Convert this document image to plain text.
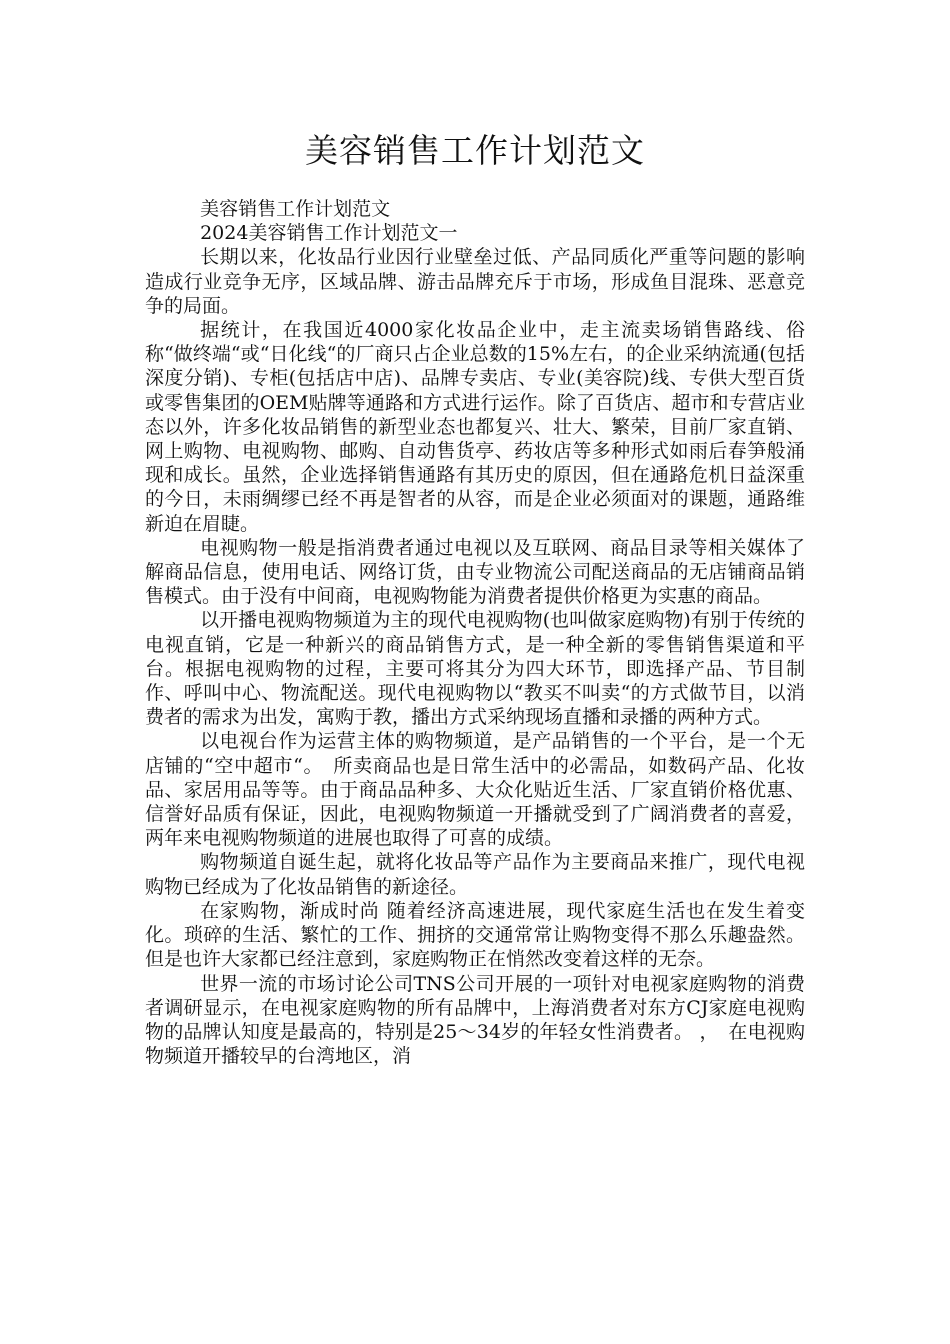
美容销售工作计划范文

美容销售工作计划范文

2024美容销售工作计划范文一

长期以来，化妆品行业因行业壁垒过低、产品同质化严重等问题的影响造成行业竞争无序，区域品牌、游击品牌充斥于市场，形成鱼目混珠、恶意竞争的局面。

据统计，在我国近4000家化妆品企业中，走主流卖场销售路线、俗称“做终端“或“日化线“的厂商只占企业总数的15%左右，的企业采纳流通(包括深度分销)、专柜(包括店中店)、品牌专卖店、专业(美容院)线、专供大型百货或零售集团的OEM贴牌等通路和方式进行运作。除了百货店、超市和专营店业态以外，许多化妆品销售的新型业态也都复兴、壮大、繁荣，目前厂家直销、网上购物、电视购物、邮购、自动售货亭、药妆店等多种形式如雨后春笋般涌现和成长。虽然，企业选择销售通路有其历史的原因，但在通路危机日益深重的今日，未雨绸缪已经不再是智者的从容，而是企业必须面对的课题，通路维新迫在眉睫。

电视购物一般是指消费者通过电视以及互联网、商品目录等相关媒体了解商品信息，使用电话、网络订货，由专业物流公司配送商品的无店铺商品销售模式。由于没有中间商，电视购物能为消费者提供价格更为实惠的商品。

以开播电视购物频道为主的现代电视购物(也叫做家庭购物)有别于传统的电视直销，它是一种新兴的商品销售方式，是一种全新的零售销售渠道和平台。根据电视购物的过程，主要可将其分为四大环节，即选择产品、节目制作、呼叫中心、物流配送。现代电视购物以“教买不叫卖“的方式做节目，以消费者的需求为出发，寓购于教，播出方式采纳现场直播和录播的两种方式。

以电视台作为运营主体的购物频道，是产品销售的一个平台，是一个无店铺的“空中超市“。　所卖商品也是日常生活中的必需品，如数码产品、化妆品、家居用品等等。由于商品品种多、大众化贴近生活、厂家直销价格优惠、信誉好品质有保证，因此，电视购物频道一开播就受到了广阔消费者的喜爱，两年来电视购物频道的进展也取得了可喜的成绩。

购物频道自诞生起，就将化妆品等产品作为主要商品来推广，现代电视购物已经成为了化妆品销售的新途径。

在家购物，渐成时尚 随着经济高速进展，现代家庭生活也在发生着变化。琐碎的生活、繁忙的工作、拥挤的交通常常让购物变得不那么乐趣盎然。但是也许大家都已经注意到，家庭购物正在悄然改变着这样的无奈。

世界一流的市场讨论公司TNS公司开展的一项针对电视家庭购物的消费者调研显示，在电视家庭购物的所有品牌中，上海消费者对东方CJ家庭电视购物的品牌认知度是最高的，特别是25～34岁的年轻女性消费者。 ，　在电视购物频道开播较早的台湾地区，消
